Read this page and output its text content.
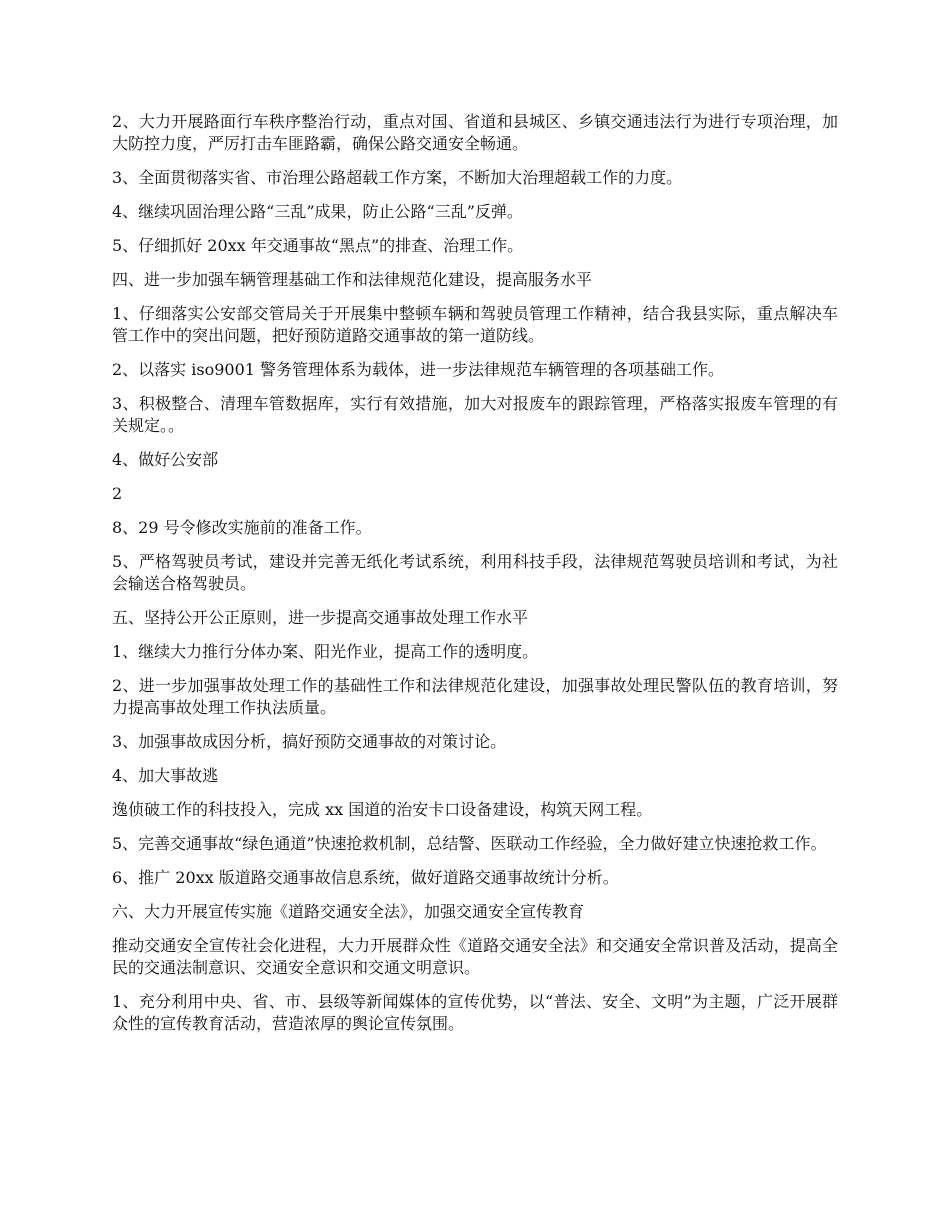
2、大力开展路面行车秩序整治行动，重点对国、省道和县城区、乡镇交通违法行为进行专项治理，加大防控力度，严厉打击车匪路霸，确保公路交通安全畅通。

3、全面贯彻落实省、市治理公路超载工作方案，不断加大治理超载工作的力度。

4、继续巩固治理公路“三乱”成果，防止公路“三乱”反弹。

5、仔细抓好 20xx 年交通事故“黑点”的排查、治理工作。

四、进一步加强车辆管理基础工作和法律规范化建设，提高服务水平

1、仔细落实公安部交管局关于开展集中整顿车辆和驾驶员管理工作精神，结合我县实际，重点解决车管工作中的突出问题，把好预防道路交通事故的第一道防线。

2、以落实 iso9001 警务管理体系为载体，进一步法律规范车辆管理的各项基础工作。

3、积极整合、清理车管数据库，实行有效措施，加大对报废车的跟踪管理，严格落实报废车管理的有关规定。。

4、做好公安部

2

8、29 号令修改实施前的准备工作。

5、严格驾驶员考试，建设并完善无纸化考试系统，利用科技手段，法律规范驾驶员培训和考试，为社会输送合格驾驶员。

五、坚持公开公正原则，进一步提高交通事故处理工作水平

1、继续大力推行分体办案、阳光作业，提高工作的透明度。

2、进一步加强事故处理工作的基础性工作和法律规范化建设，加强事故处理民警队伍的教育培训，努力提高事故处理工作执法质量。

3、加强事故成因分析，搞好预防交通事故的对策讨论。

4、加大事故逃

逸侦破工作的科技投入，完成 xx 国道的治安卡口设备建设，构筑天网工程。

5、完善交通事故“绿色通道”快速抢救机制，总结警、医联动工作经验，全力做好建立快速抢救工作。

6、推广 20xx 版道路交通事故信息系统，做好道路交通事故统计分析。

六、大力开展宣传实施《道路交通安全法》，加强交通安全宣传教育

推动交通安全宣传社会化进程，大力开展群众性《道路交通安全法》和交通安全常识普及活动，提高全民的交通法制意识、交通安全意识和交通文明意识。

1、充分利用中央、省、市、县级等新闻媒体的宣传优势，以“普法、安全、文明”为主题，广泛开展群众性的宣传教育活动，营造浓厚的舆论宣传氛围。
